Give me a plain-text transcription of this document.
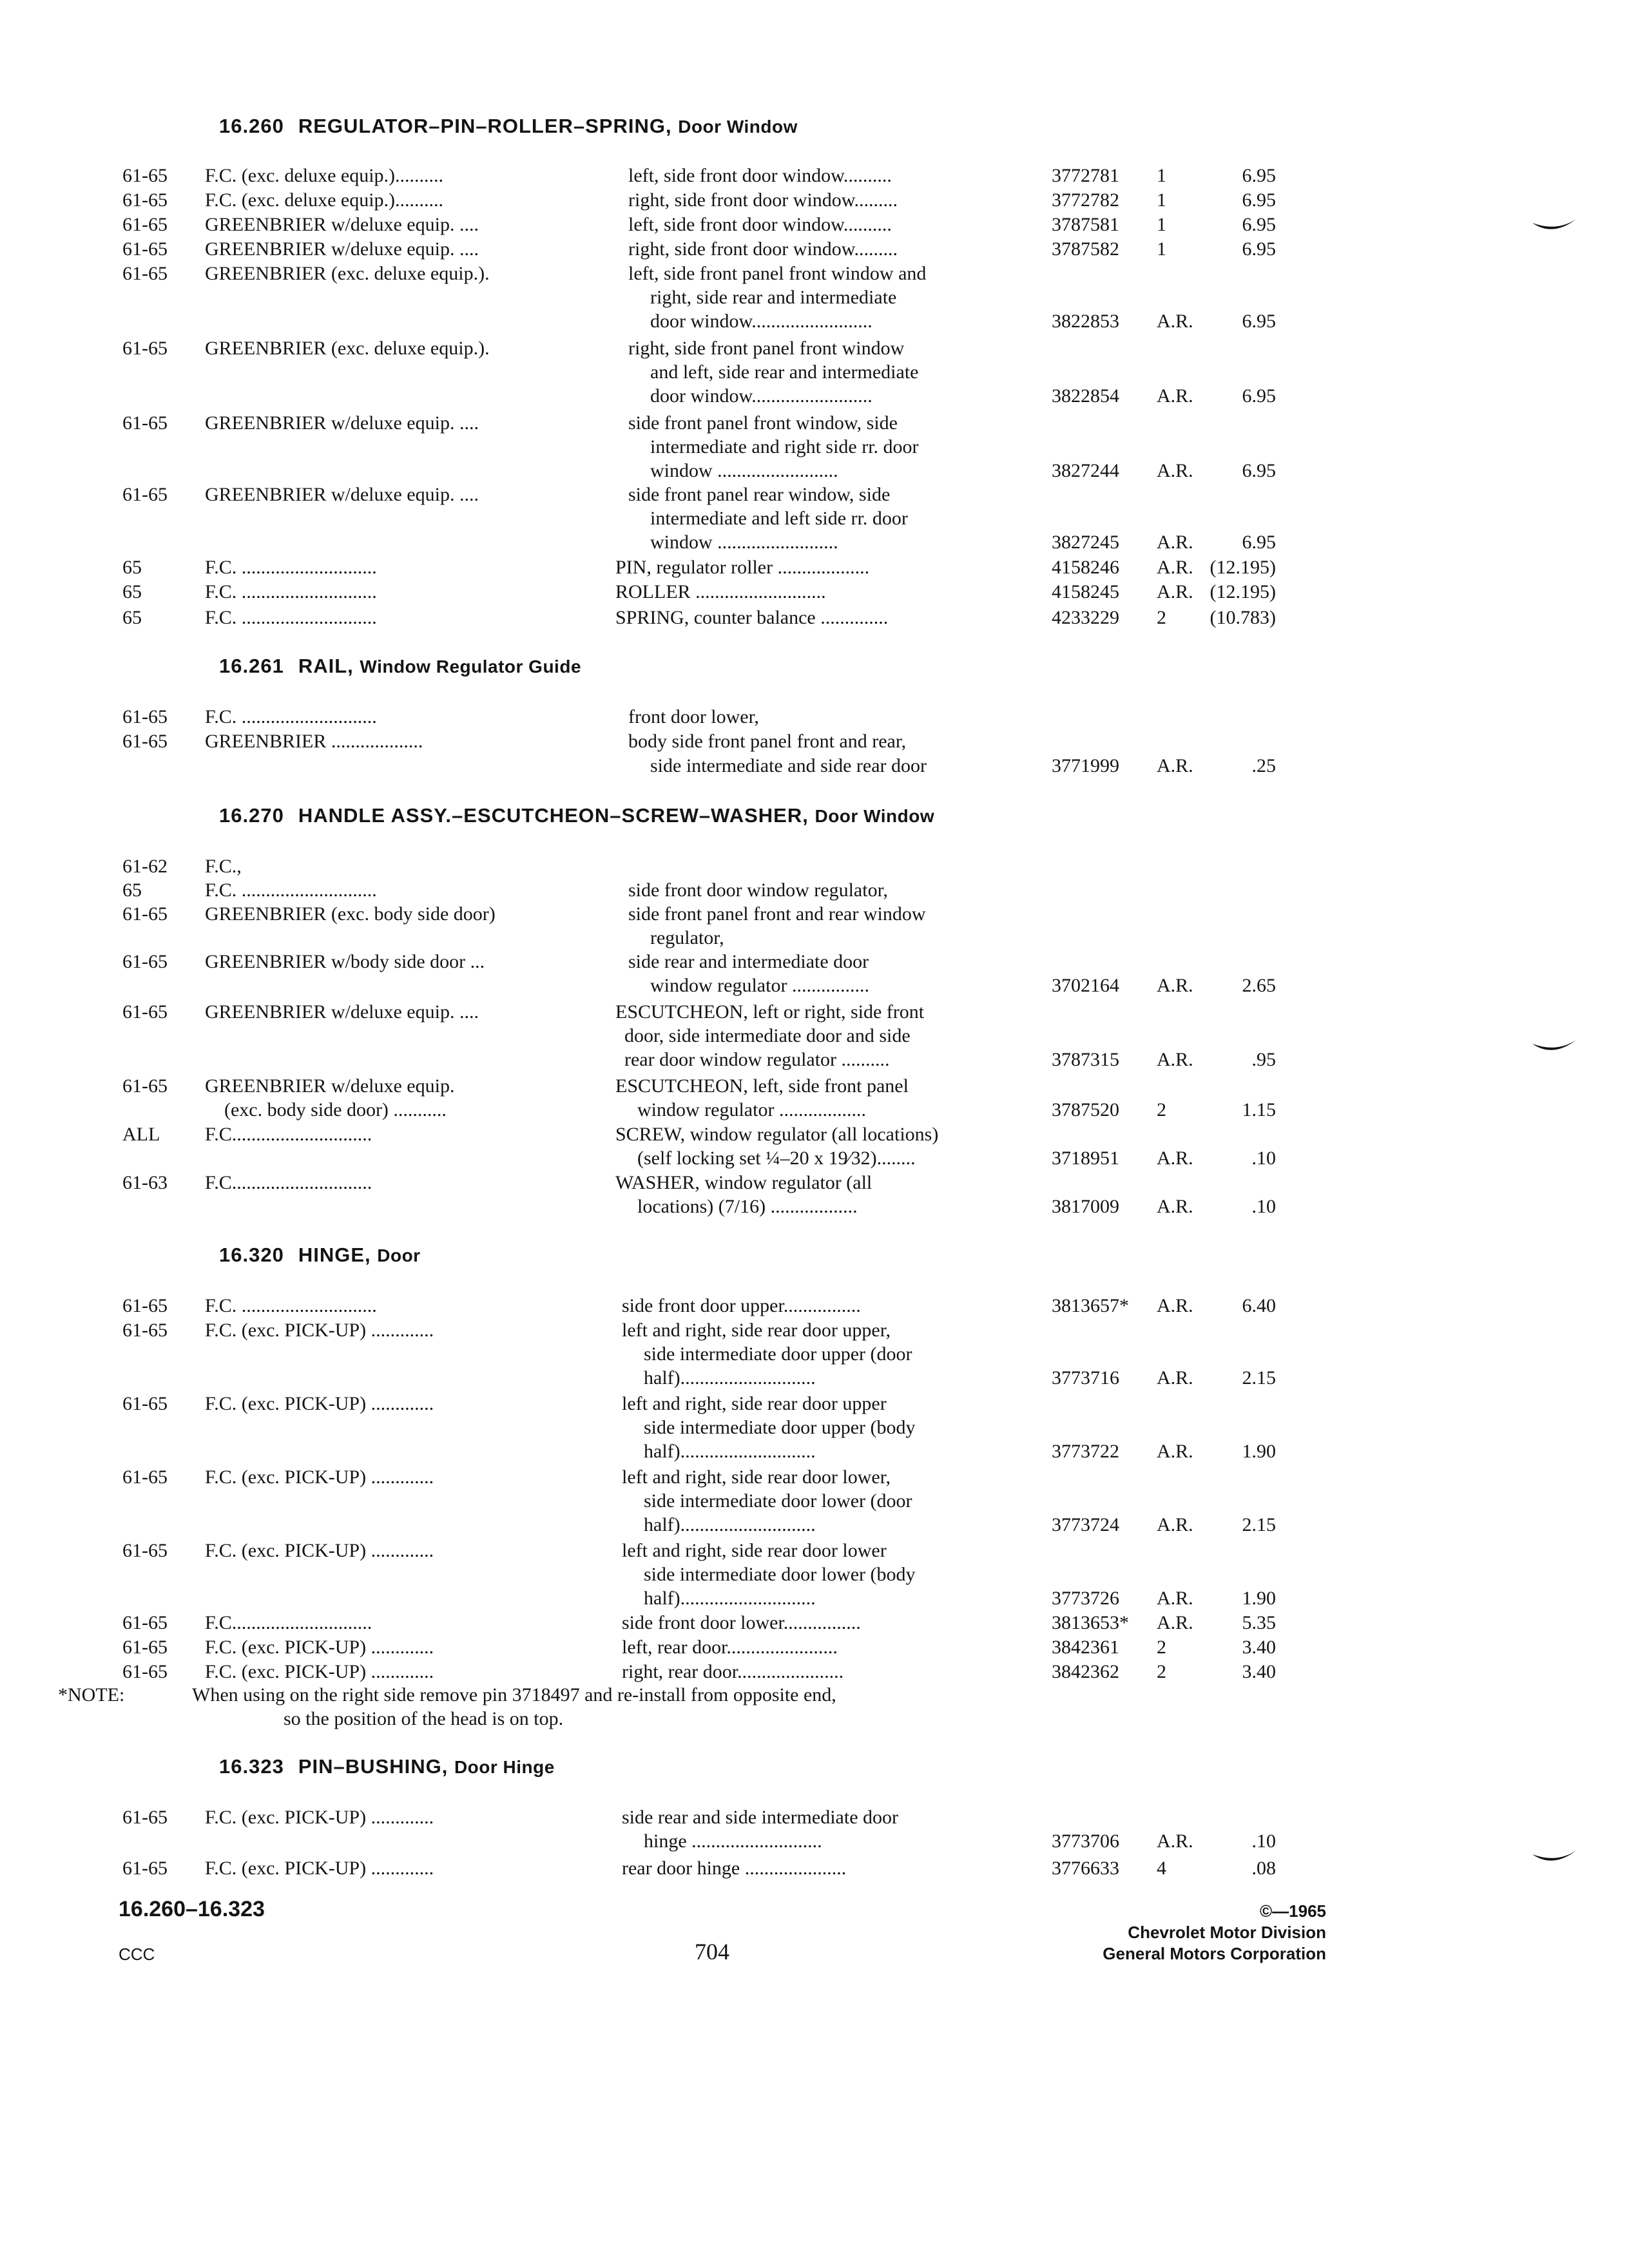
16.260 REGULATOR–PIN–ROLLER–SPRING, Door Window
61-65 F.C. (exc. deluxe equip.)..........	left, side front door window..........	3772781 1	6.95
61-65 F.C. (exc. deluxe equip.)..........	right, side front door window.........	3772782 1	6.95
61-65 GREENBRIER w/deluxe equip. ....	left, side front door window..........	3787581 1	6.95
61-65 GREENBRIER w/deluxe equip. ....	right, side front door window.........	3787582 1	6.95
61-65 GREENBRIER (exc. deluxe equip.).	left, side front panel front window and
right, side rear and intermediate
door window.........................	3822853 A.R.	6.95
61-65 GREENBRIER (exc. deluxe equip.).	right, side front panel front window
and left, side rear and intermediate
door window.........................	3822854 A.R.	6.95
61-65 GREENBRIER w/deluxe equip. ....	side front panel front window, side
intermediate and right side rr. door
window .........................	3827244 A.R.	6.95
61-65 GREENBRIER w/deluxe equip. ....	side front panel rear window, side
intermediate and left side rr. door
window .........................	3827245 A.R.	6.95
65	F.C. ............................	PIN, regulator roller ...................	4158246 A.R. (12.195)
65	F.C. ............................	ROLLER ...........................	4158245 A.R. (12.195)
65	F.C. ............................	SPRING, counter balance ..............	4233229 2 (10.783)
16.261 RAIL, Window Regulator Guide
61-65 F.C. ............................	front door lower,
61-65 GREENBRIER ...................	body side front panel front and rear,
side intermediate and side rear door	3771999 A.R.	.25
16.270 HANDLE ASSY.–ESCUTCHEON–SCREW–WASHER, Door Window
61-62 F.C.,
65	F.C. ............................	side front door window regulator,
61-65 GREENBRIER (exc. body side door)	side front panel front and rear window
regulator,
61-65 GREENBRIER w/body side door ...	side rear and intermediate door
window regulator ................	3702164 A.R.	2.65
61-65 GREENBRIER w/deluxe equip. ....	ESCUTCHEON, left or right, side front
door, side intermediate door and side
rear door window regulator ..........	3787315 A.R.	.95
61-65 GREENBRIER w/deluxe equip.	ESCUTCHEON, left, side front panel
(exc. body side door) ...........	window regulator ..................	3787520 2	1.15
ALL F.C.............................	SCREW, window regulator (all locations)
(self locking set ¼–20 x 19⁄32)........	3718951 A.R.	.10
61-63 F.C.............................	WASHER, window regulator (all
locations) (7/16) ..................	3817009 A.R.	.10
16.320 HINGE, Door
61-65 F.C. ............................	side front door upper................	3813657* A.R.	6.40
61-65 F.C. (exc. PICK-UP) .............	left and right, side rear door upper,
side intermediate door upper (door
half)............................	3773716 A.R.	2.15
61-65 F.C. (exc. PICK-UP) .............	left and right, side rear door upper
side intermediate door upper (body
half)............................	3773722 A.R.	1.90
61-65 F.C. (exc. PICK-UP) .............	left and right, side rear door lower,
side intermediate door lower (door
half)............................	3773724 A.R.	2.15
61-65 F.C. (exc. PICK-UP) .............	left and right, side rear door lower
side intermediate door lower (body
half)............................	3773726 A.R.	1.90
61-65 F.C.............................	side front door lower................	3813653* A.R.	5.35
61-65 F.C. (exc. PICK-UP) .............	left, rear door.......................	3842361 2	3.40
61-65 F.C. (exc. PICK-UP) .............	right, rear door......................	3842362 2	3.40
*NOTE:	When using on the right side remove pin 3718497 and re-install from opposite end,
so the position of the head is on top.
16.323 PIN–BUSHING, Door Hinge
61-65 F.C. (exc. PICK-UP) .............	side rear and side intermediate door
hinge ...........................	3773706 A.R.	.10
61-65 F.C. (exc. PICK-UP) .............	rear door hinge .....................	3776633 4	.08
16.260–16.323
CCC	704
©—1965
Chevrolet Motor Division
General Motors Corporation
